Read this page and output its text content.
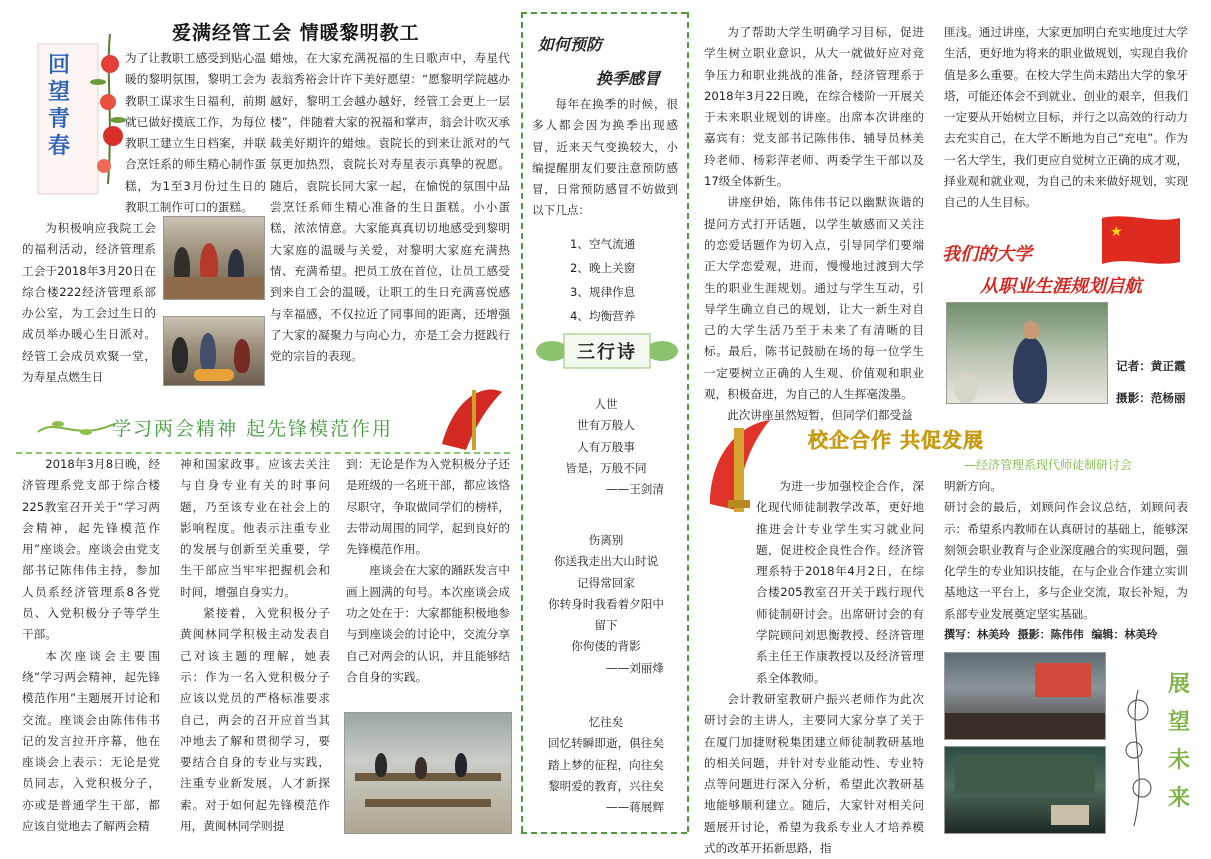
爱满经管工会 情暖黎明教工
回望青春

为了让教职工感受到贴心温暖的黎明氛围，黎明工会为教职工谋求生日福利，前期就已做好摸底工作，为每位教职工建立生日档案，并联合烹饪系的师生精心制作蛋糕，为1至3月份过生日的教职工制作可口的蛋糕。

为积极响应我院工会的福利活动，经济管理系工会于2018年3月20日在综合楼222经济管理系部办公室，为工会过生日的成员举办暖心生日派对。经管工会成员欢聚一堂，为寿星点燃生日

蜡烛，在大家充满祝福的生日歌声中，寿星代表翁秀裕会计许下美好愿望：“愿黎明学院越办越好，黎明工会越办越好，经管工会更上一层楼”，伴随着大家的祝福和掌声，翁会计吹灭承载美好期许的蜡烛。袁院长的到来让派对的气氛更加热烈，袁院长对寿星表示真挚的祝愿。随后，袁院长同大家一起，在愉悦的氛围中品尝烹饪系师生精心准备的生日蛋糕。小小蛋糕，浓浓情意。大家能真真切切地感受到黎明大家庭的温暖与关爱，对黎明大家庭充满热情、充满希望。把员工放在首位，让员工感受到来自工会的温暖，让职工的生日充满喜悦感与幸福感，不仅拉近了同事间的距离，还增强了大家的凝聚力与向心力，亦是工会力挺践行党的宗旨的表现。

学习两会精神 起先锋模范作用

2018年3月8日晚，经济管理系党支部于综合楼225教室召开关于“学习两会精神，起先锋模范作用”座谈会。座谈会由党支部书记陈伟伟主持，参加人员系经济管理系8各党员、入党积极分子等学生干部。

本次座谈会主要围绕“学习两会精神，起先锋模范作用”主题展开讨论和交流。座谈会由陈伟伟书记的发言拉开序幕，他在座谈会上表示：无论是党员同志，入党积极分子，亦或是普通学生干部，都应该自觉地去了解两会精

神和国家政事。应该去关注与自身专业有关的时事问题，乃至该专业在社会上的影响程度。他表示注重专业的发展与创新至关重要，学生干部应当牢牢把握机会和时间，增强自身实力。

紧接着，入党积极分子黄闽林同学积极主动发表自己对该主题的理解，她表示：作为一名入党积极分子应该以党员的严格标准要求自己，两会的召开应首当其冲地去了解和贯彻学习，要要结合自身的专业与实践，注重专业新发展，人才新探索。对于如何起先锋模范作用，黄闽林同学则提

到：无论是作为入党积极分子还是班级的一名班干部，都应该恪尽职守，争取做同学们的榜样，去带动周围的同学，起到良好的先锋模范作用。

座谈会在大家的踊跃发言中画上圆满的句号。本次座谈会成功之处在于：大家都能积极地参与到座谈会的讨论中，交流分享自己对两会的认识，并且能够结合自身的实践。

如何预防
换季感冒

每年在换季的时候，很多人都会因为换季出现感冒，近来天气变换较大，小编提醒朋友们要注意预防感冒，日常预防感冒不妨做到以下几点：

1、空气流通
2、晚上关窗
3、规律作息
4、均衡营养
三行诗
人世
世有万般人
人有万般事
皆是，万般不同
——王剑清
伤离别
你送我走出大山时说
记得常回家
你转身时我看着夕阳中
留下
你佝偻的背影
——刘丽烽
忆往矣
回忆转瞬即逝，俱往矣
踏上梦的征程，向往矣
黎明爱的教育，兴往矣
——蒋展辉

为了帮助大学生明确学习目标，促进学生树立职业意识，从大一就做好应对竞争压力和职业挑战的准备，经济管理系于2018年3月22日晚，在综合楼阶一开展关于未来职业规划的讲座。出席本次讲座的嘉宾有：党支部书记陈伟伟、辅导员林美玲老师、杨彩萍老师、两委学生干部以及17级全体新生。

讲座伊始，陈伟伟书记以幽默诙谐的提问方式打开话题，以学生敏感而又关注的恋爱话题作为切入点，引导同学们要端正大学恋爱观，进而，慢慢地过渡到大学生的职业生涯规划。通过与学生互动，引导学生确立自己的规划，让大一新生对自己的大学生活乃至于未来了有清晰的目标。最后，陈书记鼓励在场的每一位学生一定要树立正确的人生观、价值观和职业观，积极奋进，为自己的人生挥毫泼墨。

此次讲座虽然短暂，但同学们都受益

匪浅。通过讲座，大家更加明白充实地度过大学生活，更好地为将来的职业做规划，实现自我价值是多么重要。在校大学生尚未踏出大学的象牙塔，可能还体会不到就业、创业的艰辛，但我们一定要从开始树立目标，并行之以高效的行动力去充实自己，在大学不断地为自己“充电”。作为一名大学生，我们更应自觉树立正确的成才观，择业观和就业观，为自己的未来做好规划，实现自己的人生目标。

我们的大学
★
从职业生涯规划启航
记者：黄正霞
摄影：范杨丽
校企合作 共促发展
—经济管理系现代师徒制研讨会

为进一步加强校企合作，深化现代师徒制教学改革，更好地推进会计专业学生实习就业问题，促进校企良性合作。经济管理系特于2018年4月2日，在综合楼205教室召开关于践行现代师徒制研讨会。出席研讨会的有学院顾问刘思衡教授、经济管理系主任王作康教授以及经济管理系全体教师。

会计教研室教研户振兴老师作为此次研讨会的主讲人，主要同大家分享了关于在厦门加捷财税集团建立师徒制教研基地的相关问题，并针对专业能动性、专业特点等问题进行深入分析，希望此次教研基地能够顺利建立。随后，大家针对相关问题展开讨论，希望为我系专业人才培养模式的改革开拓新思路，指

明新方向。

研讨会的最后，刘顾问作会议总结，刘顾问表示：希望系内教师在认真研讨的基础上，能够深刻领会职业教育与企业深度融合的实现问题，强化学生的专业知识技能，在与企业合作建立实训基地这一平台上，多与企业交流，取长补短，为系部专业发展奠定坚实基础。

撰写：林美玲  摄影：陈伟伟  编辑：林美玲
展望未来
